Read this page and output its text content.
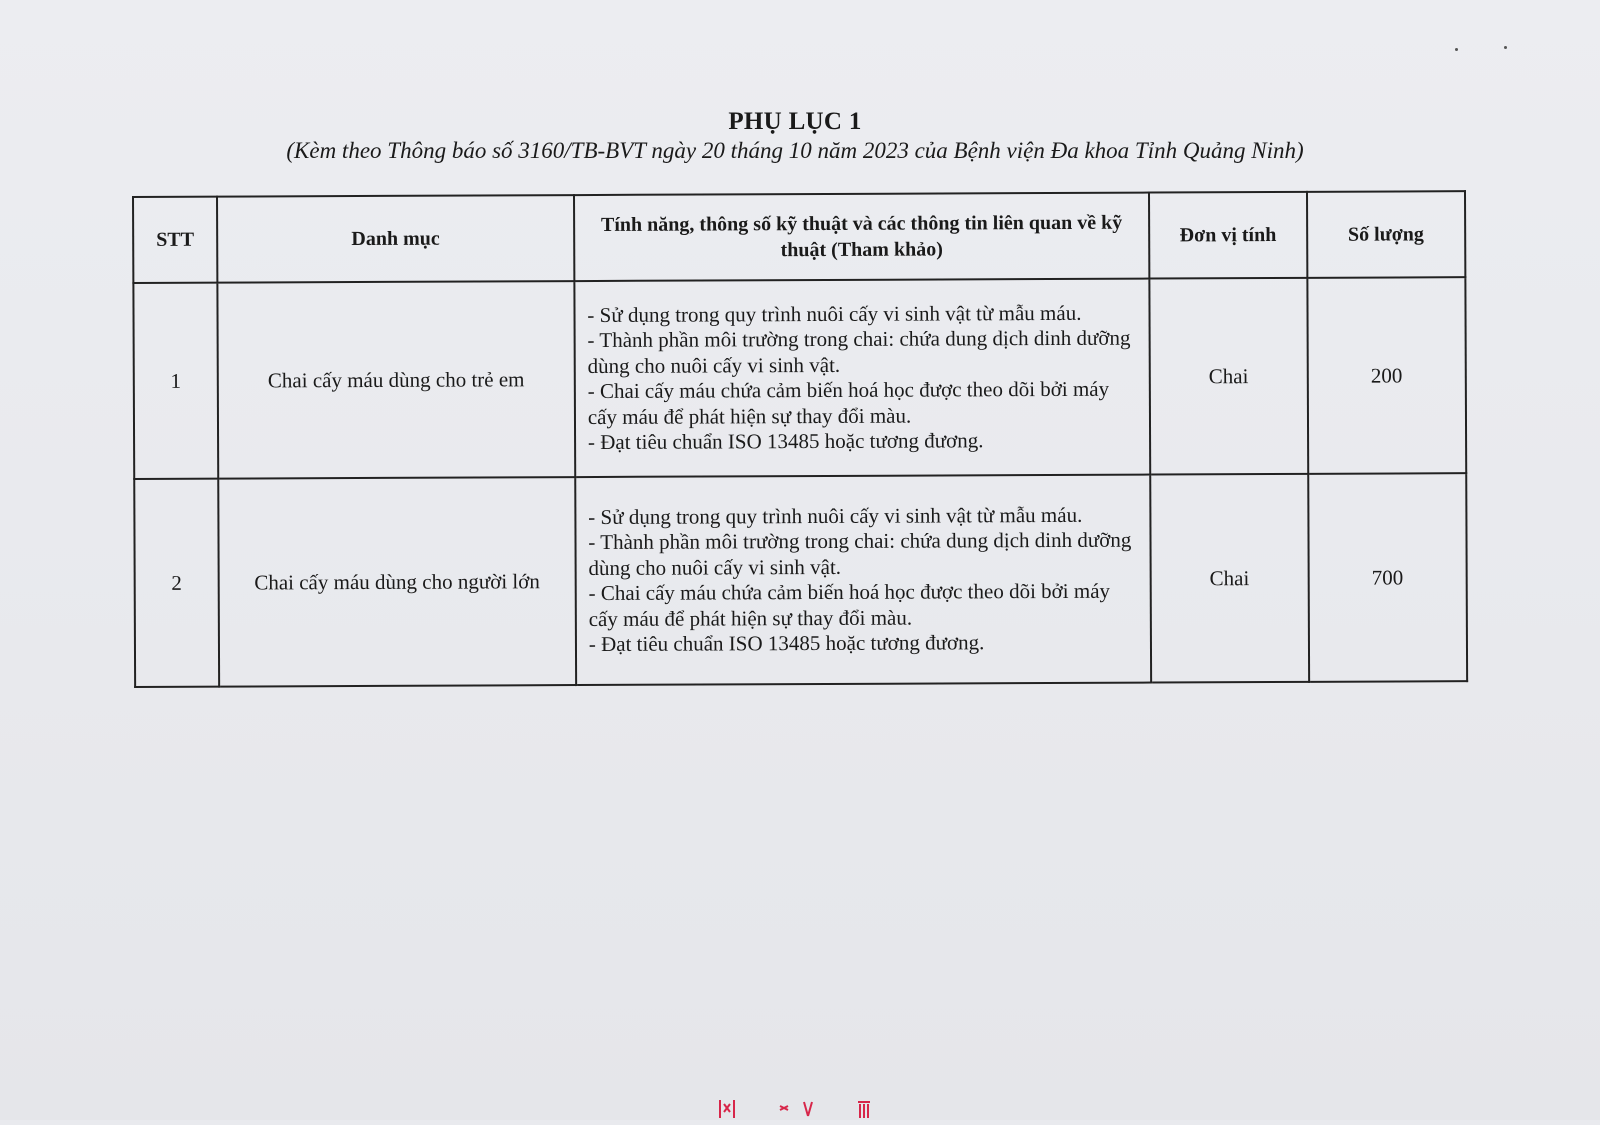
PHỤ LỤC 1
(Kèm theo Thông báo số 3160/TB-BVT ngày 20 tháng 10 năm 2023 của Bệnh viện Đa khoa Tỉnh Quảng Ninh)
STT	Danh mục	Tính năng, thông số kỹ thuật và các thông tin liên quan về kỹ thuật (Tham khảo)	Đơn vị tính	Số lượng
1	Chai cấy máu dùng cho trẻ em	- Sử dụng trong quy trình nuôi cấy vi sinh vật từ mẫu máu.
- Thành phần môi trường trong chai: chứa dung dịch dinh dưỡng dùng cho nuôi cấy vi sinh vật.
- Chai cấy máu chứa cảm biến hoá học được theo dõi bởi máy cấy máu để phát hiện sự thay đổi màu.
- Đạt tiêu chuẩn ISO 13485 hoặc tương đương.	Chai	200
2	Chai cấy máu dùng cho người lớn	- Sử dụng trong quy trình nuôi cấy vi sinh vật từ mẫu máu.
- Thành phần môi trường trong chai: chứa dung dịch dinh dưỡng dùng cho nuôi cấy vi sinh vật.
- Chai cấy máu chứa cảm biến hoá học được theo dõi bởi máy cấy máu để phát hiện sự thay đổi màu.
- Đạt tiêu chuẩn ISO 13485 hoặc tương đương.	Chai	700
